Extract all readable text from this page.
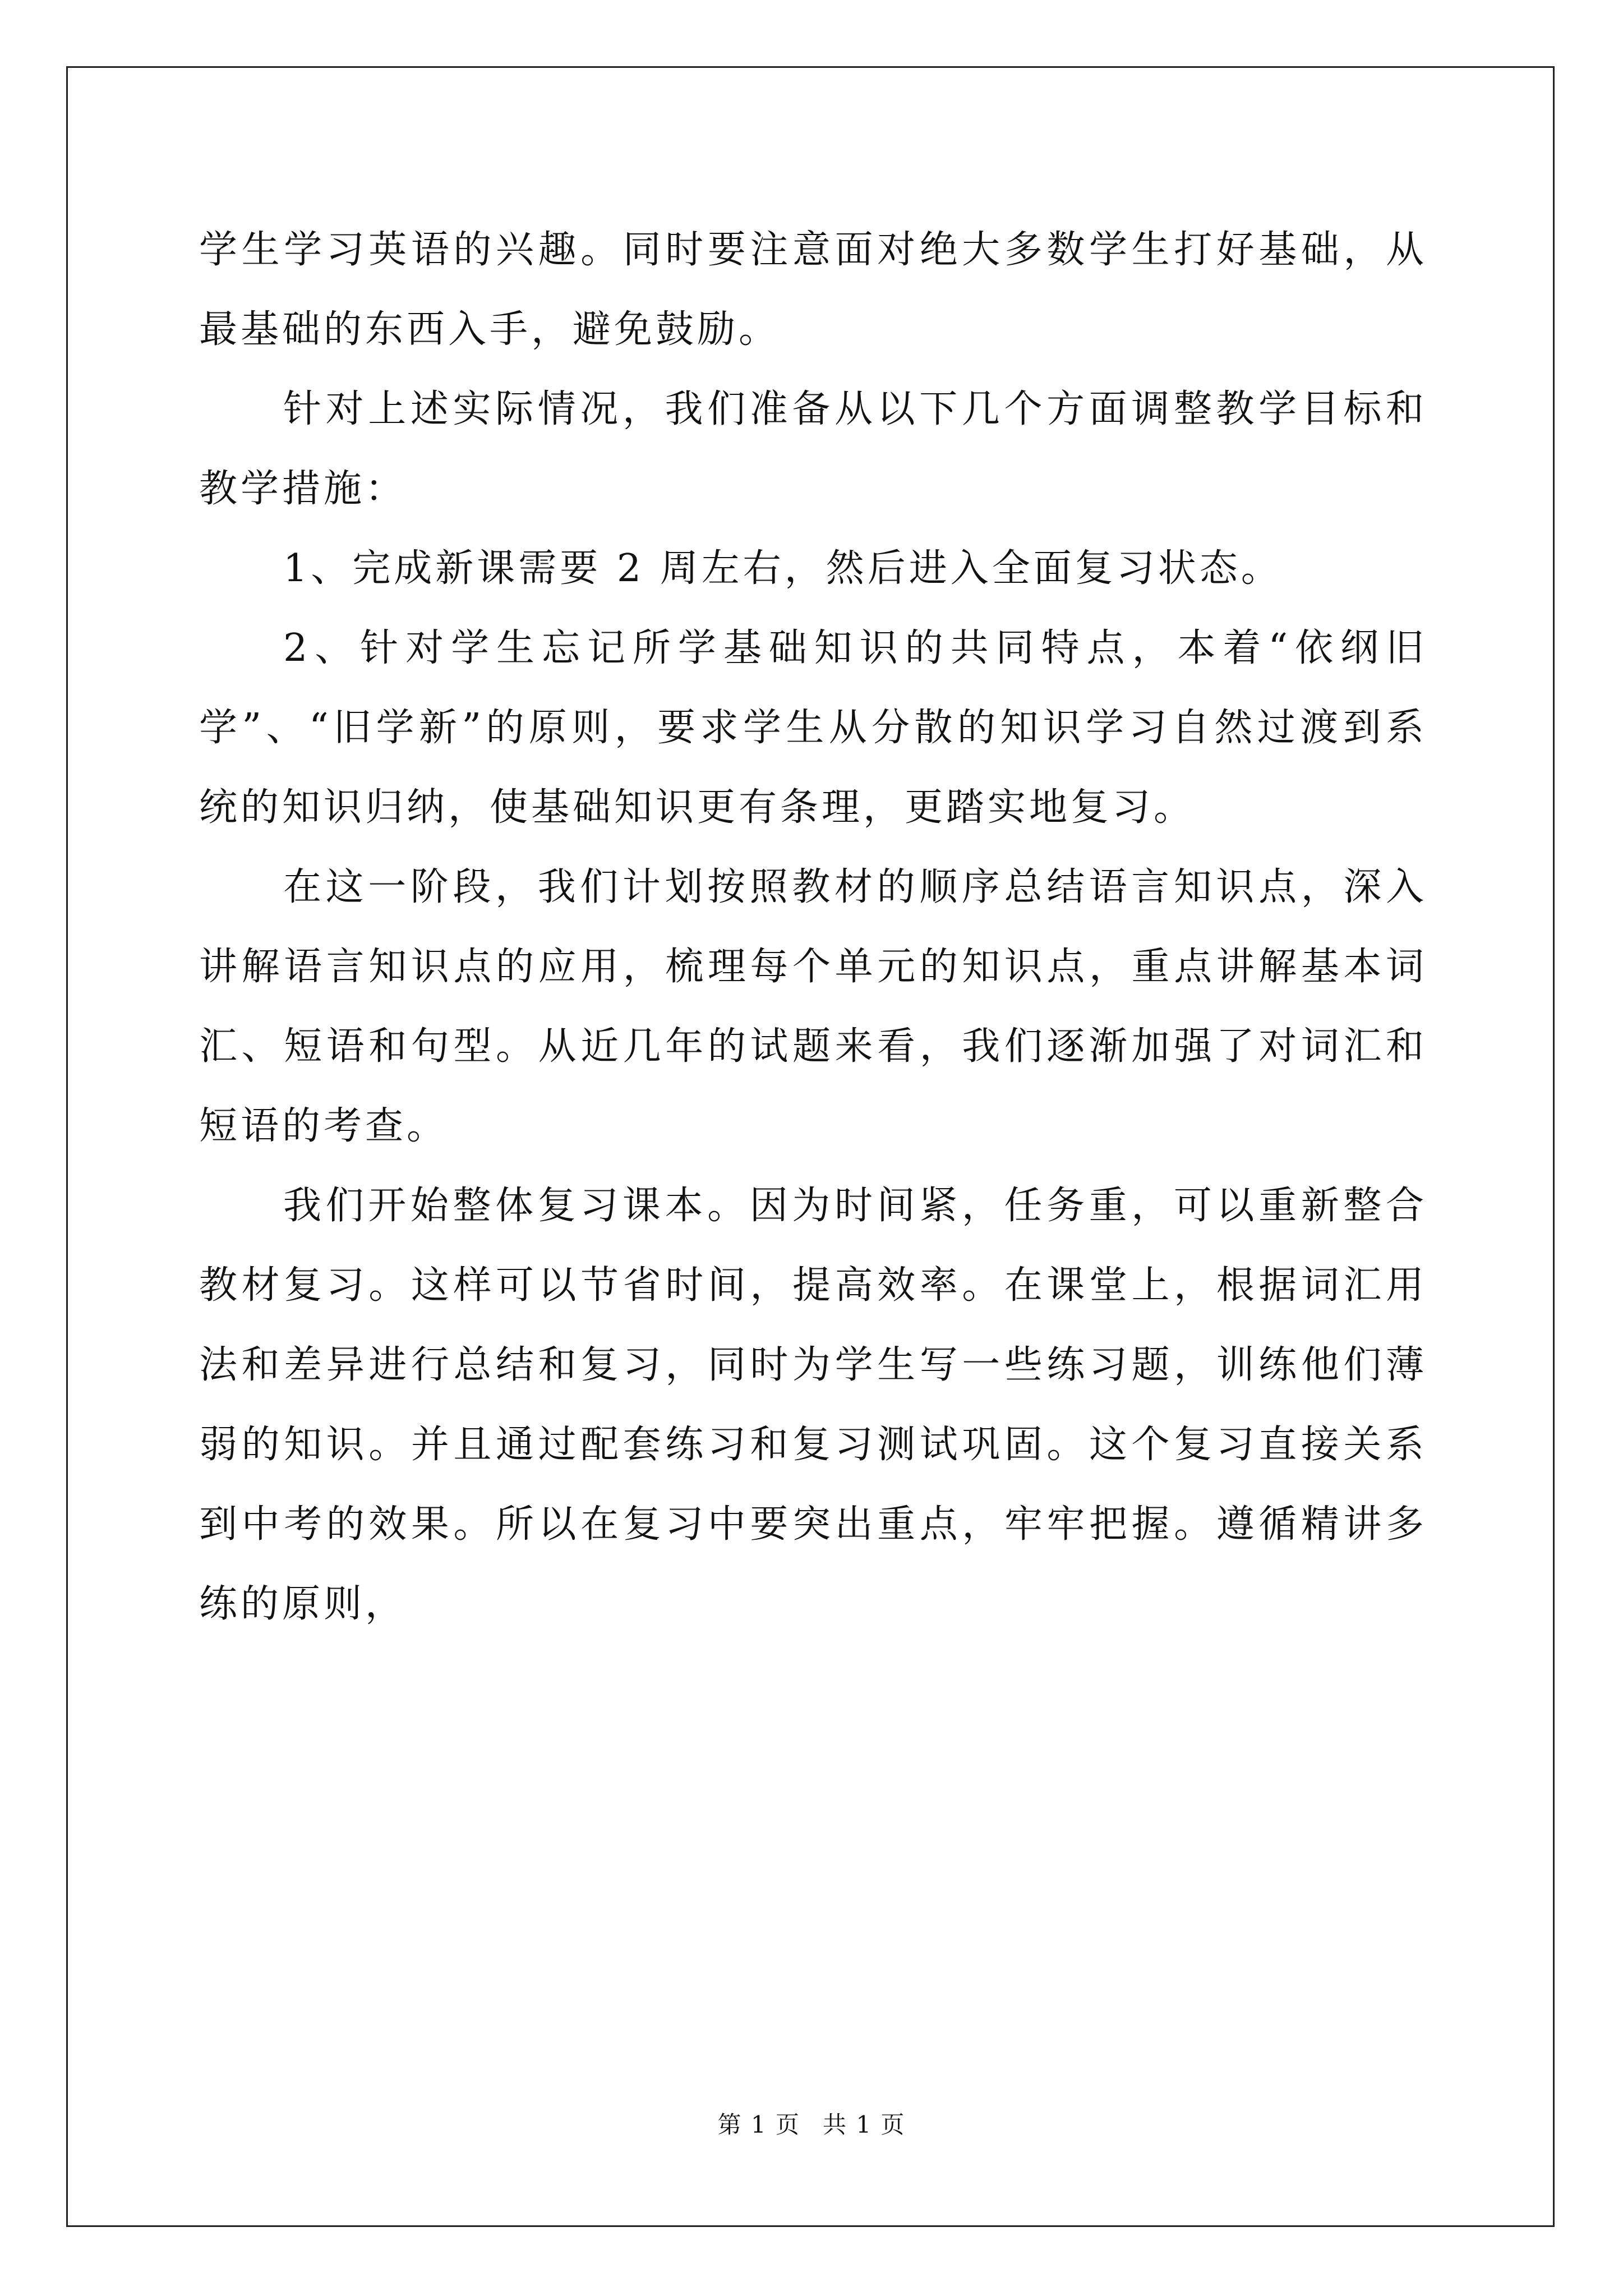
学生学习英语的兴趣。同时要注意面对绝大多数学生打好基础，从最基础的东西入手，避免鼓励。

针对上述实际情况，我们准备从以下几个方面调整教学目标和教学措施：

1、完成新课需要 2 周左右，然后进入全面复习状态。

2、针对学生忘记所学基础知识的共同特点，本着“依纲旧学”、“旧学新”的原则，要求学生从分散的知识学习自然过渡到系统的知识归纳，使基础知识更有条理，更踏实地复习。

在这一阶段，我们计划按照教材的顺序总结语言知识点，深入讲解语言知识点的应用，梳理每个单元的知识点，重点讲解基本词汇、短语和句型。从近几年的试题来看，我们逐渐加强了对词汇和短语的考查。

我们开始整体复习课本。因为时间紧，任务重，可以重新整合教材复习。这样可以节省时间，提高效率。在课堂上，根据词汇用法和差异进行总结和复习，同时为学生写一些练习题，训练他们薄弱的知识。并且通过配套练习和复习测试巩固。这个复习直接关系到中考的效果。所以在复习中要突出重点，牢牢把握。遵循精讲多练的原则，

第 1 页 共 1 页
